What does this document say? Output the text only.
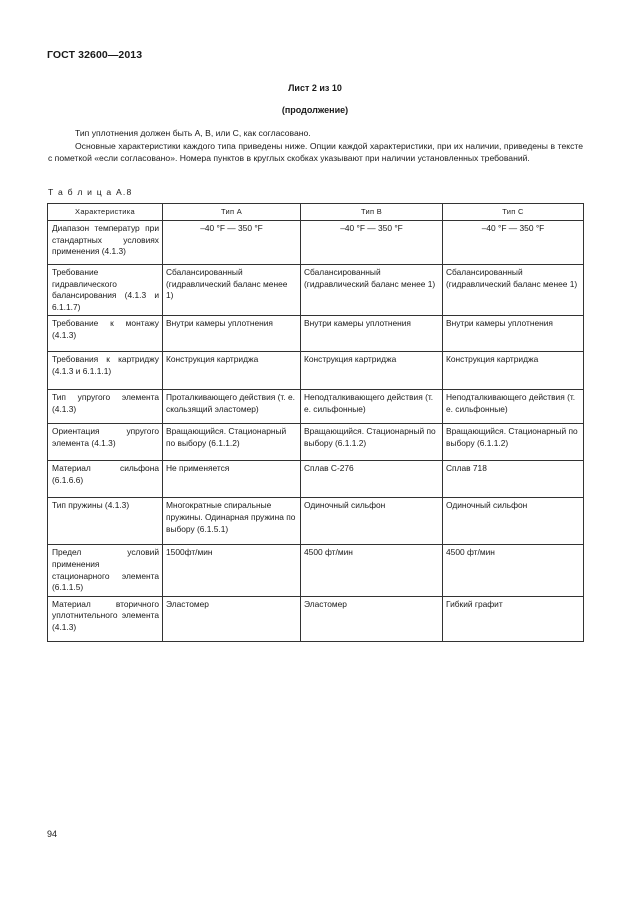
ГОСТ 32600—2013
Лист 2 из 10
(продолжение)
Тип уплотнения должен быть А, В, или С, как согласовано.
Основные характеристики каждого типа приведены ниже. Опции каждой характеристики, при их наличии, приведены в тексте с пометкой «если согласовано». Номера пунктов в круглых скобках указывают при наличии установленных требований.
Т а б л и ц а А.8
Характеристика	Тип А	Тип В	Тип С
Диапазон температур при стандартных условиях применения (4.1.3)	–40 °F — 350 °F	–40 °F — 350 °F	–40 °F — 350 °F
Требование гидравлического балансирования (4.1.3 и 6.1.1.7)	Сбалансированный (гидравлический баланс менее 1)	Сбалансированный (гидравлический баланс менее 1)	Сбалансированный (гидравлический баланс менее 1)
Требование к монтажу (4.1.3)	Внутри камеры уплотнения	Внутри камеры уплотнения	Внутри камеры уплотнения
Требования к картриджу (4.1.3 и 6.1.1.1)	Конструкция картриджа	Конструкция картриджа	Конструкция картриджа
Тип упругого элемента (4.1.3)	Проталкивающего действия (т. е. скользящий эластомер)	Неподталкивающего действия (т. е. сильфонные)	Неподталкивающего действия (т. е. сильфонные)
Ориентация упругого элемента (4.1.3)	Вращающийся. Стационарный по выбору (6.1.1.2)	Вращающийся. Стационарный по выбору (6.1.1.2)	Вращающийся. Стационарный по выбору (6.1.1.2)
Материал сильфона (6.1.6.6)	Не применяется	Сплав С-276	Сплав 718
Тип пружины (4.1.3)	Многократные спиральные пружины. Одинарная пружина по выбору (6.1.5.1)	Одиночный сильфон	Одиночный сильфон
Предел условий применения стационарного элемента (6.1.1.5)	1500фт/мин	4500 фт/мин	4500 фт/мин
Материал вторичного уплотнительного элемента (4.1.3)	Эластомер	Эластомер	Гибкий графит
94
